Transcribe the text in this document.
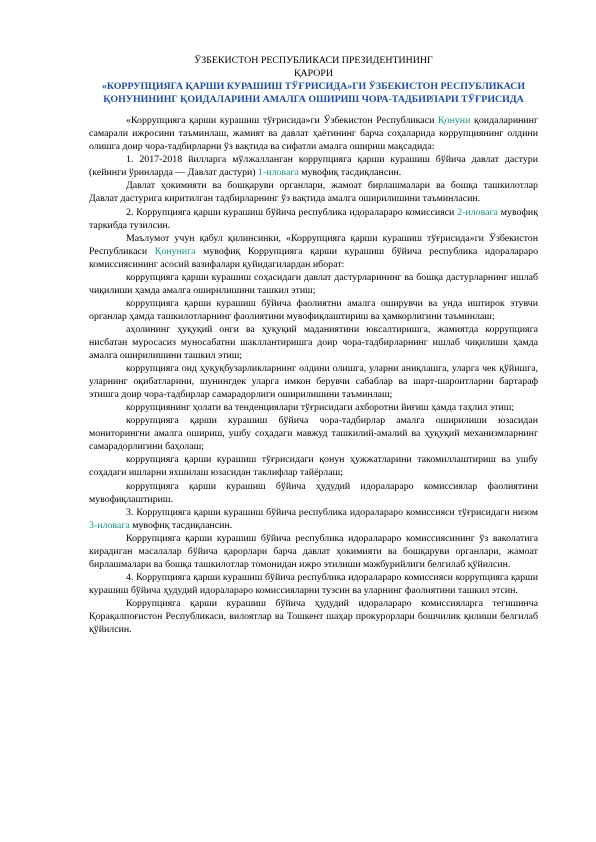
ЎЗБЕКИСТОН РЕСПУБЛИКАСИ ПРЕЗИДЕНТИНИНГ
ҚАРОРИ
«КОРРУПЦИЯГА ҚАРШИ КУРАШИШ ТЎҒРИСИДА»ГИ ЎЗБЕКИСТОН РЕСПУБЛИКАСИ ҚОНУНИНИНГ ҚОИДАЛАРИНИ АМАЛГА ОШИРИШ ЧОРА-ТАДБИРЛАРИ ТЎҒРИСИДА

«Коррупцияга қарши курашиш тўғрисида»ги Ўзбекистон Республикаси Қонуни қоидаларининг самарали ижросини таъминлаш, жамият ва давлат ҳаётининг барча соҳаларида коррупциянинг олдини олишга доир чора-тадбирларни ўз вақтида ва сифатли амалга ошириш мақсадида:

1. 2017-2018 йилларга мўлжалланган коррупцияга қарши курашиш бўйича давлат дастури (кейинги ўринларда — Давлат дастури) 1-иловага мувофиқ тасдиқлансин.

Давлат ҳокимияти ва бошқаруви органлари, жамоат бирлашмалари ва бошқа ташкилотлар Давлат дастурига киритилган тадбирларнинг ўз вақтида амалга оширилишини таъминласин.

2. Коррупцияга қарши курашиш бўйича республика идоралараро комиссияси 2-иловага мувофиқ таркибда тузилсин.

Маълумот учун қабул қилинсинки, «Коррупцияга қарши курашиш тўғрисида»ги Ўзбекистон Республикаси Қонунига мувофиқ Коррупцияга қарши курашиш бўйича республика идоралараро комиссиясининг асосий вазифалари қуйидагилардан иборат:

коррупцияга қарши курашиш соҳасидаги давлат дастурларининг ва бошқа дастурларнинг ишлаб чиқилиши ҳамда амалга оширилишини ташкил этиш;

коррупцияга қарши курашиш бўйича фаолиятни амалга оширувчи ва унда иштирок этувчи органлар ҳамда ташкилотларнинг фаолиятини мувофиқлаштириш ва ҳамкорлигини таъминлаш;

аҳолининг ҳуқуқий онги ва ҳуқуқий маданиятини юксалтиришга, жамиятда коррупцияга нисбатан муросасиз муносабатни шакллантиришга доир чора-тадбирларнинг ишлаб чиқилиши ҳамда амалга оширилишини ташкил этиш;

коррупцияга оид ҳуқуқбузарликларнинг олдини олишга, уларни аниқлашга, уларга чек қўйишга, уларнинг оқибатларини, шунингдек уларга имкон берувчи сабаблар ва шарт-шароитларни бартараф этишга доир чора-тадбирлар самарадорлиги оширилишини таъминлаш;

коррупциянинг ҳолати ва тенденциялари тўғрисидаги ахборотни йиғиш ҳамда таҳлил этиш;

коррупцияга қарши курашиш бўйича чора-тадбирлар амалга оширилиши юзасидан мониторингни амалга ошириш, ушбу соҳадаги мавжуд ташкилий-амалий ва ҳуқуқий механизмларнинг самарадорлигини баҳолаш;

коррупцияга қарши курашиш тўғрисидаги қонун ҳужжатларини такомиллаштириш ва ушбу соҳадаги ишларни яхшилаш юзасидан таклифлар тайёрлаш;

коррупцияга қарши курашиш бўйича ҳудудий идоралараро комиссиялар фаолиятини мувофиқлаштириш.

3. Коррупцияга қарши курашиш бўйича республика идоралараро комиссияси тўғрисидаги низом 3-иловага мувофиқ тасдиқлансин.

Коррупцияга қарши курашиш бўйича республика идоралараро комиссиясининг ўз ваколатига кирадиган масалалар бўйича қарорлари барча давлат ҳокимияти ва бошқаруви органлари, жамоат бирлашмалари ва бошқа ташкилотлар томонидан ижро этилиши мажбурийлиги белгилаб қўйилсин.

4. Коррупцияга қарши курашиш бўйича республика идоралараро комиссияси коррупцияга қарши курашиш бўйича ҳудудий идоралараро комиссияларни тузсин ва уларнинг фаолиятини ташкил этсин.

Коррупцияга қарши курашиш бўйича ҳудудий идоралараро комиссияларга тегишинча Қорақалпоғистон Республикаси, вилоятлар ва Тошкент шаҳар прокурорлари бошчилик қилиши белгилаб қўйилсин.
